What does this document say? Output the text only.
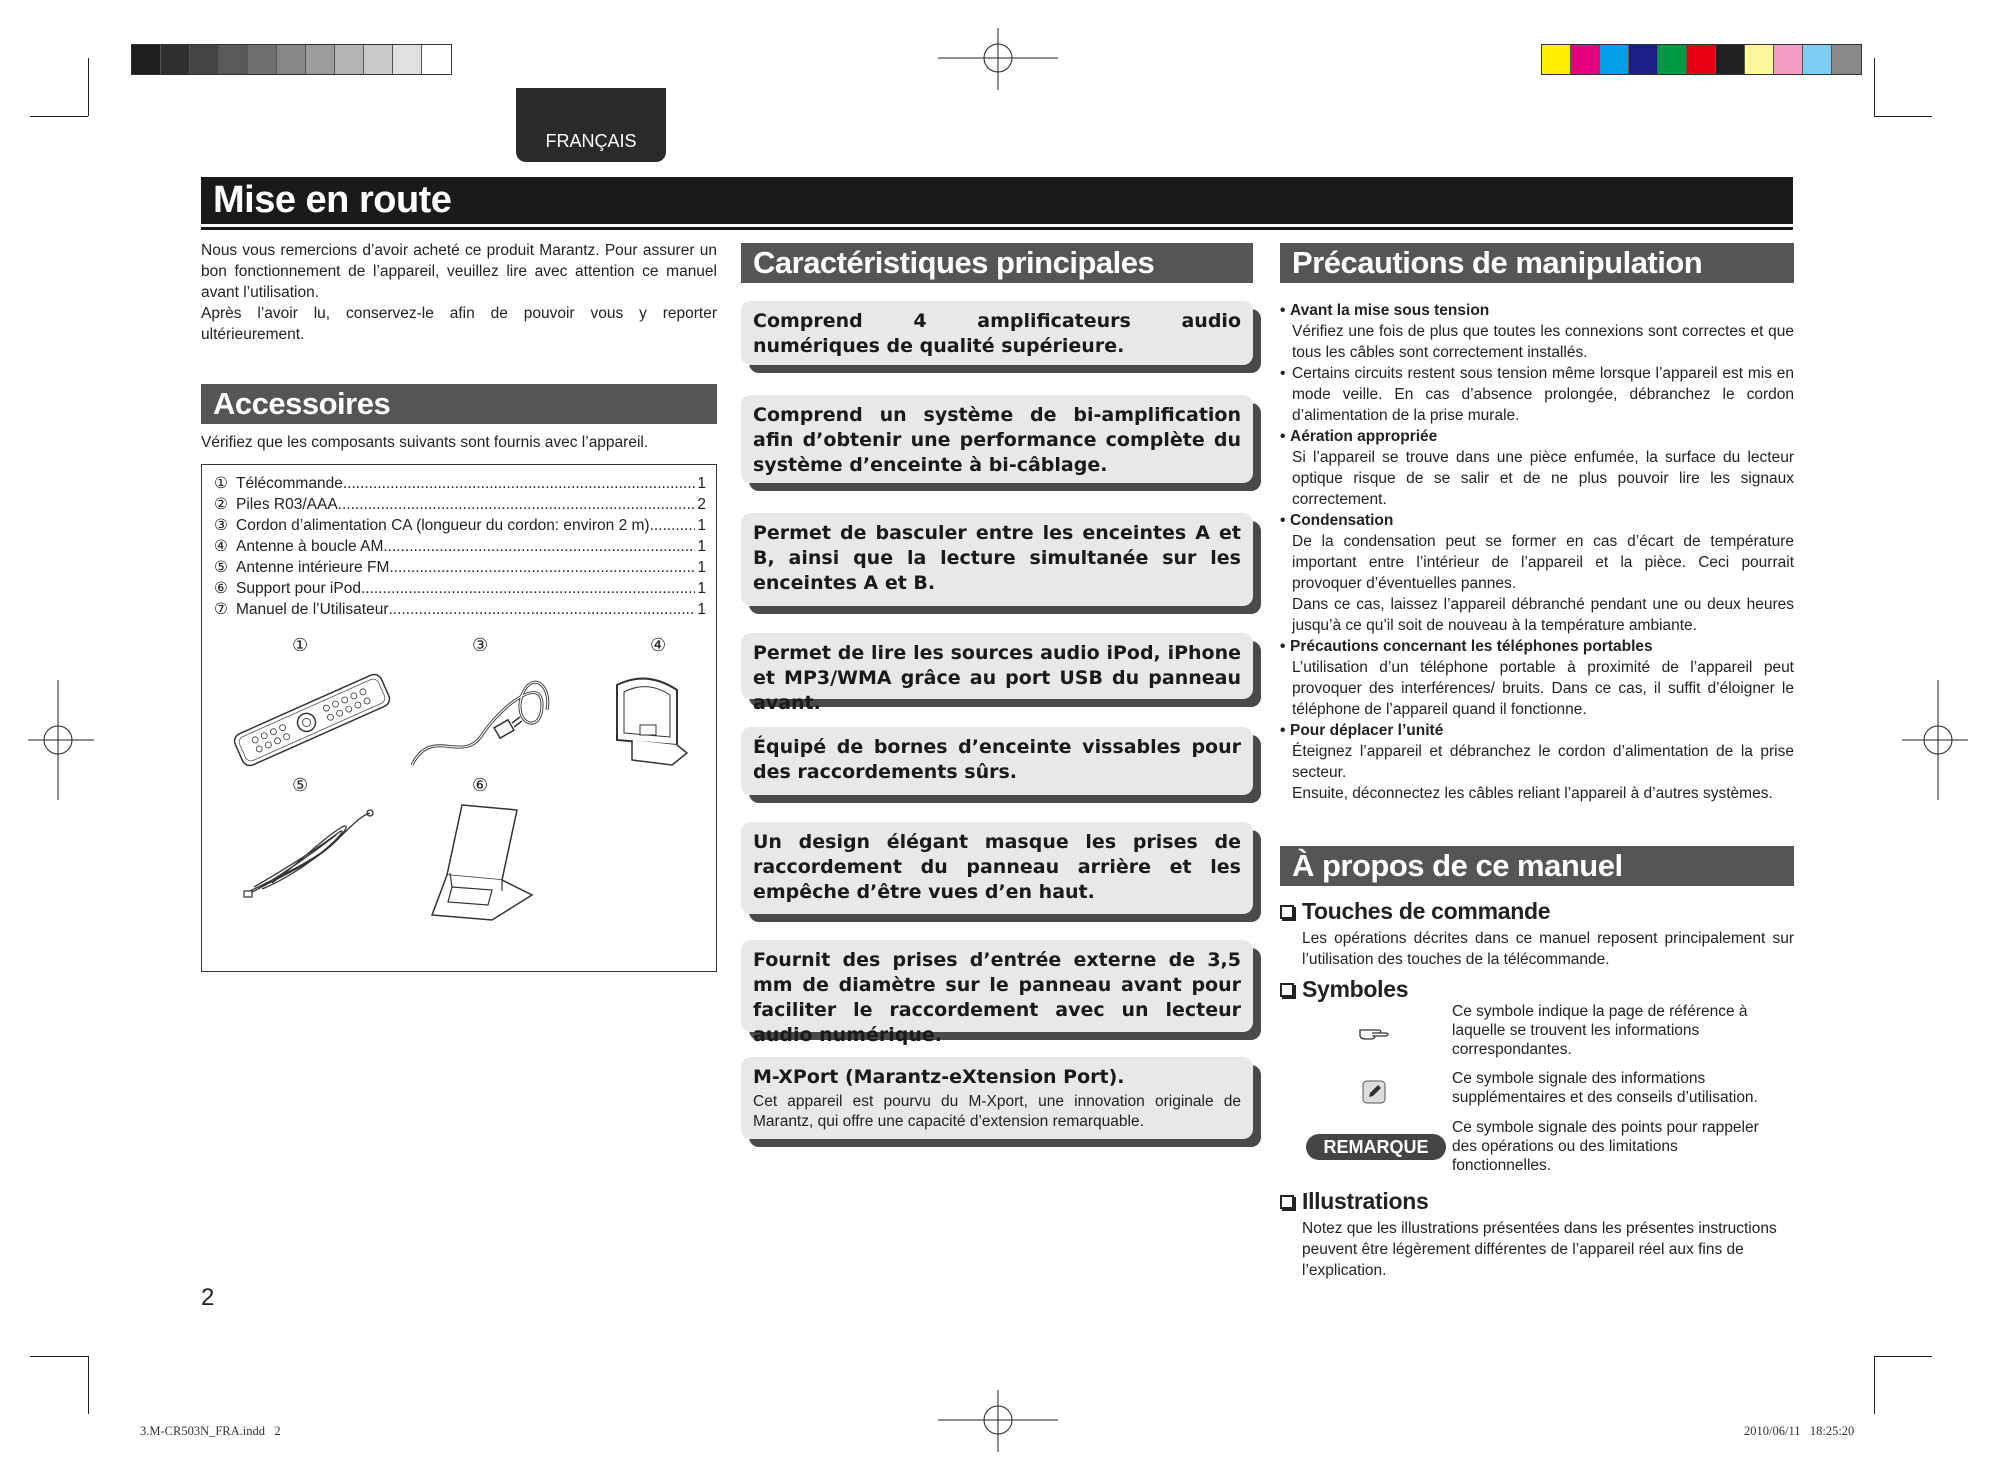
FRANÇAIS
Mise en route

Nous vous remercions d’avoir acheté ce produit Marantz. Pour assurer un bon fonctionnement de l’appareil, veuillez lire avec attention ce manuel avant l’utilisation.

Après l’avoir lu, conservez-le afin de pouvoir vous y reporter ultérieurement.

Accessoires
Vérifiez que les composants suivants sont fournis avec l’appareil.
① Télécommande .....	1
② Piles R03/AAA .....	2
③ Cordon d’alimentation CA (longueur du cordon: environ 2 m) .....	1
④ Antenne à boucle AM .....	1
⑤ Antenne intérieure FM .....	1
⑥ Support pour iPod .....	1
⑦ Manuel de l’Utilisateur .....	1
①	③	④
⑤	⑥
Caractéristiques principales
Comprend 4 amplificateurs audio numériques de qualité supérieure.
Comprend un système de bi-amplification afin d’obtenir une performance complète du système d’enceinte à bi-câblage.
Permet de basculer entre les enceintes A et B, ainsi que la lecture simultanée sur les enceintes A et B.
Permet de lire les sources audio iPod, iPhone et MP3/WMA grâce au port USB du panneau avant.
Équipé de bornes d’enceinte vissables pour des raccordements sûrs.
Un design élégant masque les prises de raccordement du panneau arrière et les empêche d’être vues d’en haut.
Fournit des prises d’entrée externe de 3,5 mm de diamètre sur le panneau avant pour faciliter le raccordement avec un lecteur audio numérique.
M-XPort (Marantz-eXtension Port).
Cet appareil est pourvu du M-Xport, une innovation originale de Marantz, qui offre une capacité d’extension remarquable.
Précautions de manipulation
• Avant la mise sous tension
Vérifiez une fois de plus que toutes les connexions sont correctes et que tous les câbles sont correctement installés.
• Certains circuits restent sous tension même lorsque l’appareil est mis en mode veille. En cas d’absence prolongée, débranchez le cordon d’alimentation de la prise murale.
• Aération appropriée
Si l’appareil se trouve dans une pièce enfumée, la surface du lecteur optique risque de se salir et de ne plus pouvoir lire les signaux correctement.
• Condensation
De la condensation peut se former en cas d’écart de température important entre l’intérieur de l’appareil et la pièce. Ceci pourrait provoquer d’éventuelles pannes.
Dans ce cas, laissez l’appareil débranché pendant une ou deux heures jusqu’à ce qu’il soit de nouveau à la température ambiante.
• Précautions concernant les téléphones portables
L’utilisation d’un téléphone portable à proximité de l’appareil peut provoquer des interférences/ bruits. Dans ce cas, il suffit d’éloigner le téléphone de l’appareil quand il fonctionne.
• Pour déplacer l’unité
Éteignez l’appareil et débranchez le cordon d’alimentation de la prise secteur.
Ensuite, déconnectez les câbles reliant l’appareil à d’autres systèmes.
À propos de ce manuel
Touches de commande
Les opérations décrites dans ce manuel reposent principalement sur l’utilisation des touches de la télécommande.
Symboles
Ce symbole indique la page de référence à laquelle se trouvent les informations correspondantes.
Ce symbole signale des informations supplémentaires et des conseils d’utilisation.
REMARQUE
Ce symbole signale des points pour rappeler des opérations ou des limitations fonctionnelles.
Illustrations
Notez que les illustrations présentées dans les présentes instructions peuvent être légèrement différentes de l’appareil réel aux fins de l’explication.
2
3.M-CR503N_FRA.indd   2	2010/06/11   18:25:20
